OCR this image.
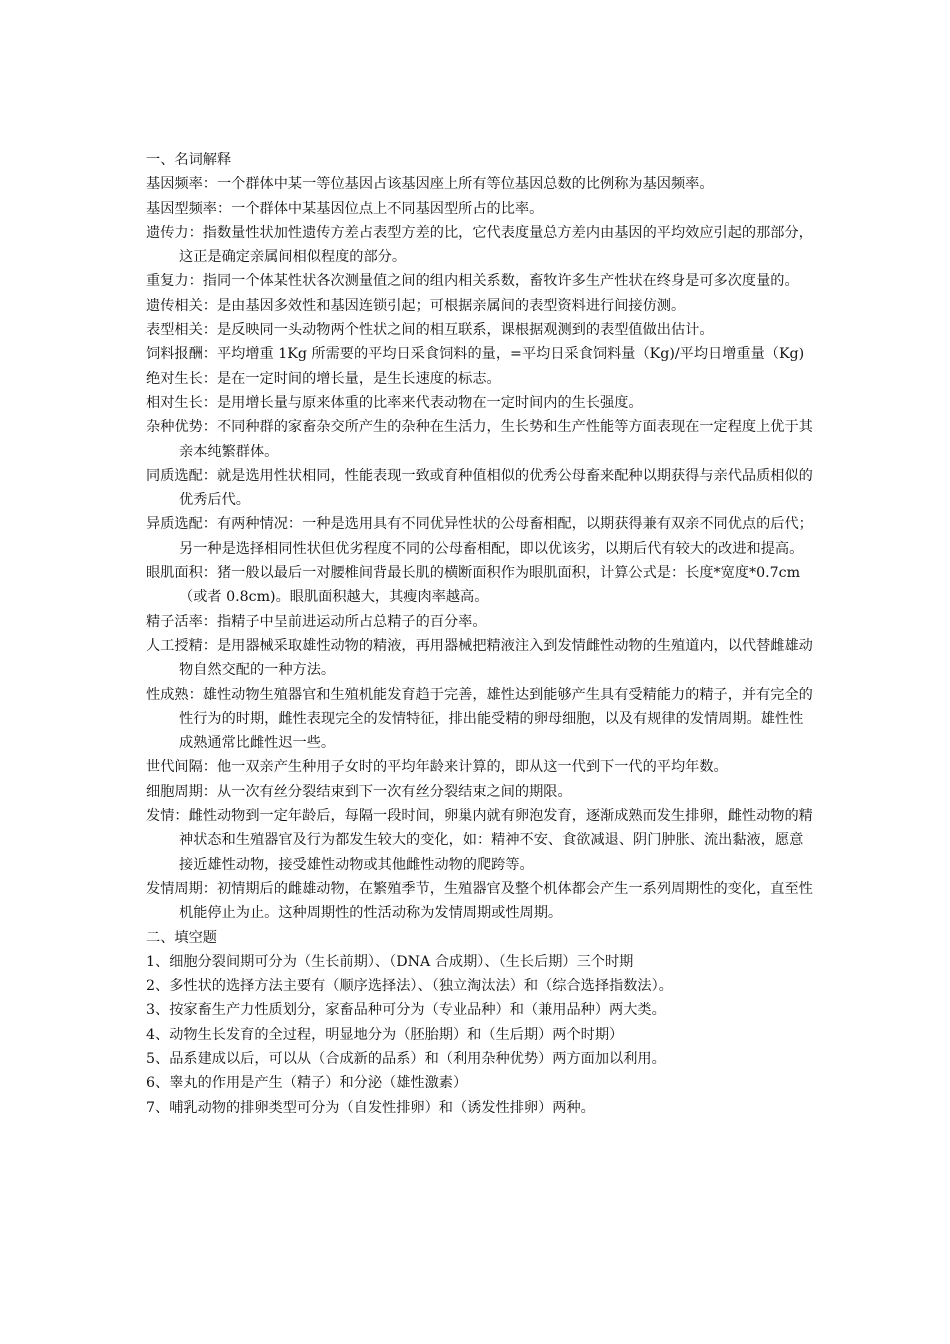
一、名词解释

基因频率：一个群体中某一等位基因占该基因座上所有等位基因总数的比例称为基因频率。

基因型频率：一个群体中某基因位点上不同基因型所占的比率。

遗传力：指数量性状加性遗传方差占表型方差的比，它代表度量总方差内由基因的平均效应引起的那部分，这正是确定亲属间相似程度的部分。

重复力：指同一个体某性状各次测量值之间的组内相关系数，畜牧许多生产性状在终身是可多次度量的。

遗传相关：是由基因多效性和基因连锁引起；可根据亲属间的表型资料进行间接仿测。

表型相关：是反映同一头动物两个性状之间的相互联系，课根据观测到的表型值做出估计。

饲料报酬：平均增重 1Kg 所需要的平均日采食饲料的量，=平均日采食饲料量（Kg)/平均日增重量（Kg)

绝对生长：是在一定时间的增长量，是生长速度的标志。

相对生长：是用增长量与原来体重的比率来代表动物在一定时间内的生长强度。

杂种优势：不同种群的家畜杂交所产生的杂种在生活力，生长势和生产性能等方面表现在一定程度上优于其亲本纯繁群体。

同质选配：就是选用性状相同，性能表现一致或育种值相似的优秀公母畜来配种以期获得与亲代品质相似的优秀后代。

异质选配：有两种情况：一种是选用具有不同优异性状的公母畜相配，以期获得兼有双亲不同优点的后代；另一种是选择相同性状但优劣程度不同的公母畜相配，即以优该劣，以期后代有较大的改进和提高。

眼肌面积：猪一般以最后一对腰椎间背最长肌的横断面积作为眼肌面积，计算公式是：长度*宽度*0.7cm（或者 0.8cm)。眼肌面积越大，其瘦肉率越高。

精子活率：指精子中呈前进运动所占总精子的百分率。

人工授精：是用器械采取雄性动物的精液，再用器械把精液注入到发情雌性动物的生殖道内，以代替雌雄动物自然交配的一种方法。

性成熟：雄性动物生殖器官和生殖机能发育趋于完善，雄性达到能够产生具有受精能力的精子，并有完全的性行为的时期，雌性表现完全的发情特征，排出能受精的卵母细胞，以及有规律的发情周期。雄性性成熟通常比雌性迟一些。

世代间隔：他一双亲产生种用子女时的平均年龄来计算的，即从这一代到下一代的平均年数。

细胞周期：从一次有丝分裂结束到下一次有丝分裂结束之间的期限。

发情：雌性动物到一定年龄后，每隔一段时间，卵巢内就有卵泡发育，逐渐成熟而发生排卵，雌性动物的精神状态和生殖器官及行为都发生较大的变化，如：精神不安、食欲减退、阴门肿胀、流出黏液，愿意接近雄性动物，接受雄性动物或其他雌性动物的爬跨等。

发情周期：初情期后的雌雄动物，在繁殖季节，生殖器官及整个机体都会产生一系列周期性的变化，直至性机能停止为止。这种周期性的性活动称为发情周期或性周期。

二、填空题

1、细胞分裂间期可分为（生长前期）、（DNA 合成期）、（生长后期）三个时期

2、多性状的选择方法主要有（顺序选择法）、（独立淘汰法）和（综合选择指数法）。

3、按家畜生产力性质划分，家畜品种可分为（专业品种）和（兼用品种）两大类。

4、动物生长发育的全过程，明显地分为（胚胎期）和（生后期）两个时期）

5、品系建成以后，可以从（合成新的品系）和（利用杂种优势）两方面加以利用。

6、睾丸的作用是产生（精子）和分泌（雄性激素）

7、哺乳动物的排卵类型可分为（自发性排卵）和（诱发性排卵）两种。
